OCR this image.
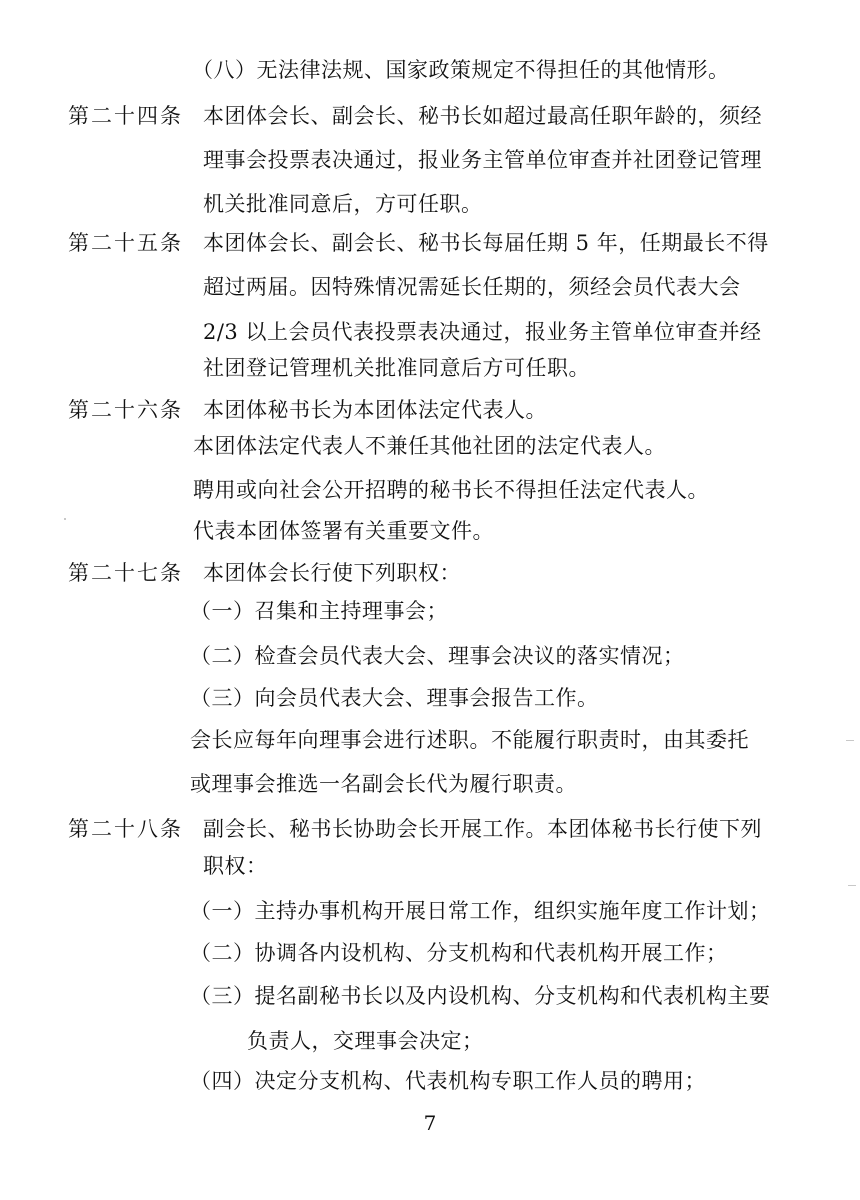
（八）无法律法规、国家政策规定不得担任的其他情形。
第二十四条 本团体会长、副会长、秘书长如超过最高任职年龄的，须经
理事会投票表决通过，报业务主管单位审查并社团登记管理
机关批准同意后，方可任职。
第二十五条 本团体会长、副会长、秘书长每届任期 5 年，任期最长不得
超过两届。因特殊情况需延长任期的，须经会员代表大会
2/3 以上会员代表投票表决通过，报业务主管单位审查并经
社团登记管理机关批准同意后方可任职。
第二十六条 本团体秘书长为本团体法定代表人。
本团体法定代表人不兼任其他社团的法定代表人。
聘用或向社会公开招聘的秘书长不得担任法定代表人。
代表本团体签署有关重要文件。
第二十七条 本团体会长行使下列职权：
（一）召集和主持理事会；
（二）检查会员代表大会、理事会决议的落实情况；
（三）向会员代表大会、理事会报告工作。
会长应每年向理事会进行述职。不能履行职责时，由其委托
或理事会推选一名副会长代为履行职责。
第二十八条 副会长、秘书长协助会长开展工作。本团体秘书长行使下列
职权：
（一）主持办事机构开展日常工作，组织实施年度工作计划；
（二）协调各内设机构、分支机构和代表机构开展工作；
（三）提名副秘书长以及内设机构、分支机构和代表机构主要
负责人，交理事会决定；
（四）决定分支机构、代表机构专职工作人员的聘用；
7
